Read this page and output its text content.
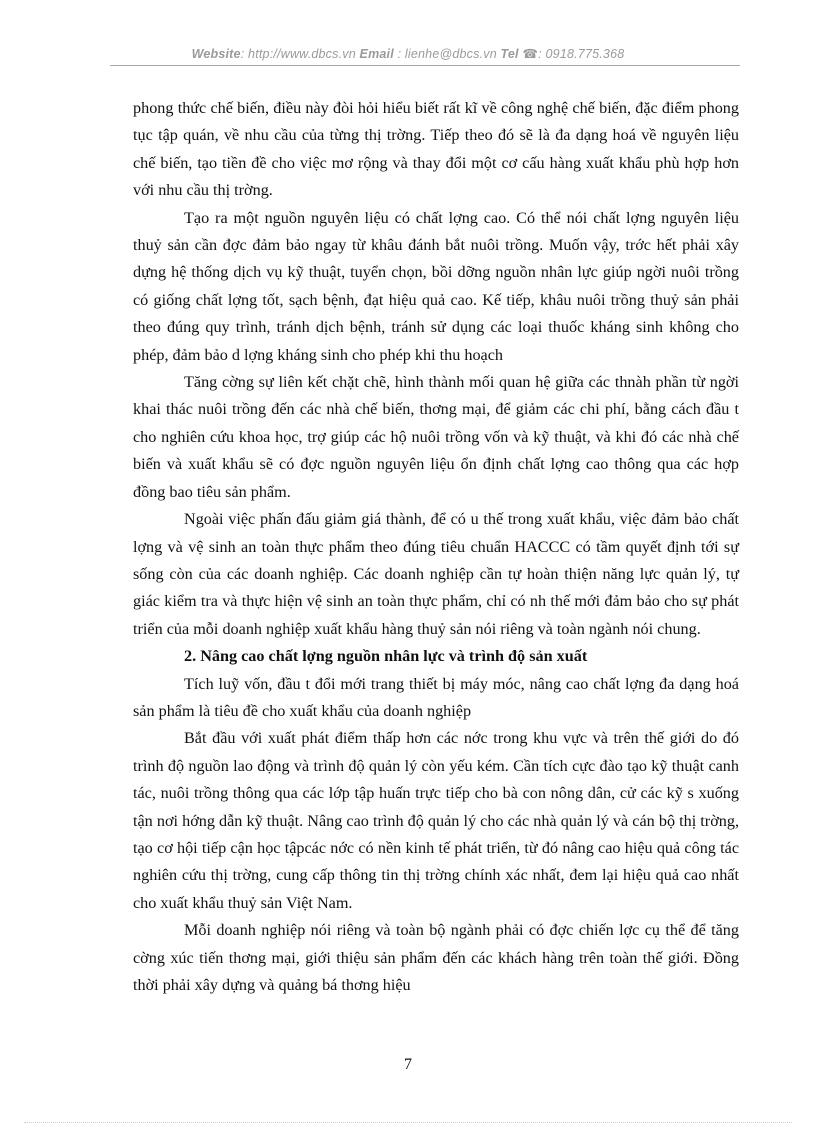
Website: http://www.dbcs.vn Email : lienhe@dbcs.vn Tel ☎: 0918.775.368

phong thức chế biến, điều này đòi hỏi hiểu biết rất kĩ về công nghệ chế biến, đặc điểm phong tục tập quán, về nhu cầu của từng thị trờng. Tiếp theo đó sẽ là đa dạng hoá về nguyên liệu chế biến, tạo tiền đề cho việc mơ rộng và thay đổi một cơ cấu hàng xuất khẩu phù hợp hơn với nhu cầu thị trờng.

Tạo ra một nguồn nguyên liệu có chất lợng cao. Có thể nói chất lợng nguyên liệu thuỷ sản cần đợc đảm bảo ngay từ khâu đánh bắt nuôi trồng. Muốn vậy, trớc hết phải xây dựng hệ thống dịch vụ kỹ thuật, tuyển chọn, bồi dỡng nguồn nhân lực giúp ngời nuôi trồng có giống chất lợng tốt, sạch bệnh, đạt hiệu quả cao. Kế tiếp, khâu nuôi trồng thuỷ sản phải theo đúng quy trình, tránh dịch bệnh, tránh sử dụng các loại thuốc kháng sinh không cho phép, đảm bảo d lợng kháng sinh cho phép khi thu hoạch

Tăng cờng sự liên kết chặt chẽ, hình thành mối quan hệ giữa các thnàh phần từ ngời khai thác nuôi trồng đến các nhà chế biến, thơng mại, để giảm các chi phí, bằng cách đầu t cho nghiên cứu khoa học, trợ giúp các hộ nuôi trồng vốn và kỹ thuật, và khi đó các nhà chế biến và xuất khẩu sẽ có đợc nguồn nguyên liệu ổn định chất lợng cao thông qua các hợp đồng bao tiêu sản phẩm.

Ngoài việc phấn đấu giảm giá thành, để có u thế trong xuất khẩu, việc đảm bảo chất lợng và vệ sinh an toàn thực phẩm theo đúng tiêu chuẩn HACCC có tầm quyết định tới sự sống còn của các doanh nghiệp. Các doanh nghiệp cần tự hoàn thiện năng lực quản lý, tự giác kiểm tra và thực hiện vệ sinh an toàn thực phẩm, chỉ có nh thế mới đảm bảo cho sự phát triển của mỗi doanh nghiệp xuất khẩu hàng thuỷ sản nói riêng và toàn ngành nói chung.

2. Nâng cao chất lợng nguồn nhân lực và trình độ sản xuất

Tích luỹ vốn, đầu t đổi mới trang thiết bị máy móc, nâng cao chất lợng đa dạng hoá sản phẩm là tiêu đề cho xuất khẩu của doanh nghiệp

Bắt đầu với xuất phát điểm thấp hơn các nớc trong khu vực và trên thế giới do đó trình độ nguồn lao động và trình độ quản lý còn yếu kém. Cần tích cực đào tạo kỹ thuật canh tác, nuôi trồng thông qua các lớp tập huấn trực tiếp cho bà con nông dân, cử các kỹ s xuống tận nơi hớng dẫn kỹ thuật. Nâng cao trình độ quản lý cho các nhà quản lý và cán bộ thị trờng, tạo cơ hội tiếp cận học tậpcác nớc có nền kinh tế phát triển, từ đó nâng cao hiệu quả công tác nghiên cứu thị trờng, cung cấp thông tin thị trờng chính xác nhất, đem lại hiệu quả cao nhất cho xuất khẩu thuỷ sản Việt Nam.

Mỗi doanh nghiệp nói riêng và toàn bộ ngành phải có đợc chiến lợc cụ thể để tăng cờng xúc tiến thơng mại, giới thiệu sản phẩm đến các khách hàng trên toàn thế giới. Đồng thời phải xây dựng và quảng bá thơng hiệu

7
